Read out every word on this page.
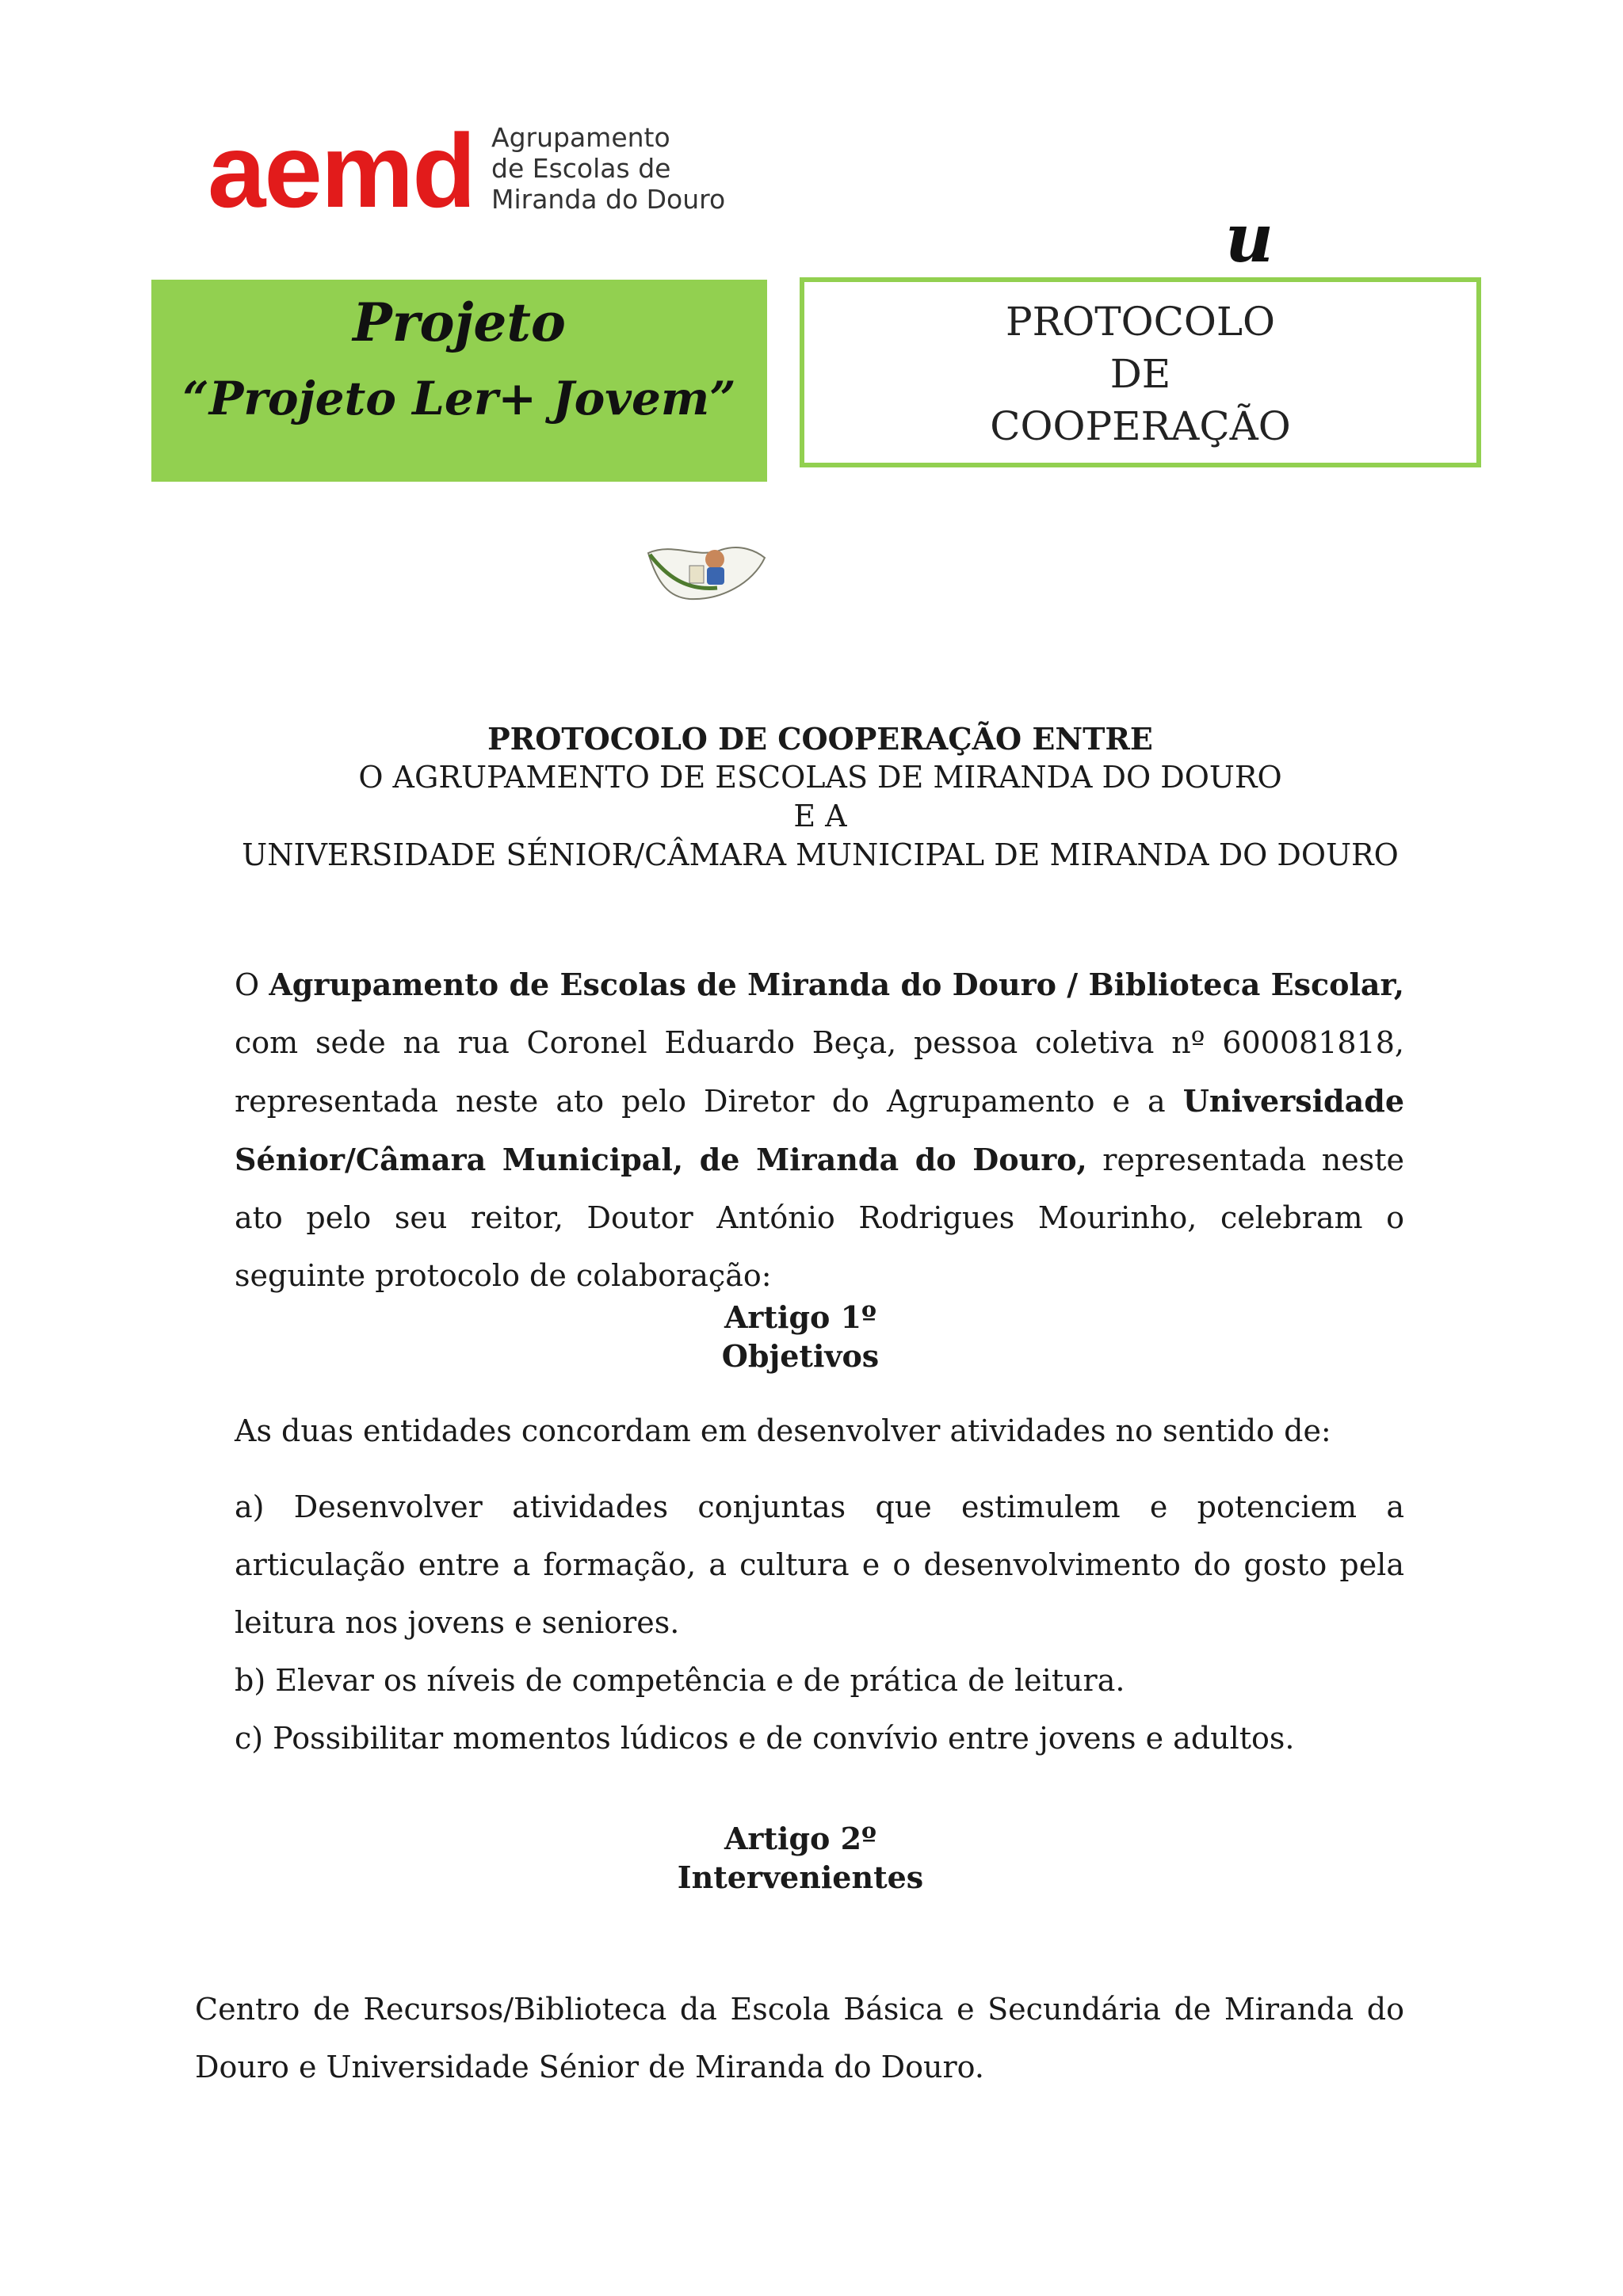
aemd Agrupamento
de Escolas de
Miranda do Douro	u
Projeto
“Projeto Ler+ Jovem”
PROTOCOLO
DE
COOPERAÇÃO
PROTOCOLO DE COOPERAÇÃO ENTRE
O AGRUPAMENTO DE ESCOLAS DE MIRANDA DO DOURO
E A
UNIVERSIDADE SÉNIOR/CÂMARA MUNICIPAL DE MIRANDA DO DOURO
O Agrupamento de Escolas de Miranda do Douro / Biblioteca Escolar, com sede na rua Coronel Eduardo Beça, pessoa coletiva nº 600081818, representada neste ato pelo Diretor do Agrupamento e a Universidade Sénior/Câmara Municipal, de Miranda do Douro, representada neste ato pelo seu reitor, Doutor António Rodrigues Mourinho, celebram o seguinte protocolo de colaboração:
Artigo 1º
Objetivos
As duas entidades concordam em desenvolver atividades no sentido de:
a) Desenvolver atividades conjuntas que estimulem e potenciem a articulação entre a formação, a cultura e o desenvolvimento do gosto pela leitura nos jovens e seniores.
b) Elevar os níveis de competência e de prática de leitura.
c) Possibilitar momentos lúdicos e de convívio entre jovens e adultos.
Artigo 2º
Intervenientes
Centro de Recursos/Biblioteca da Escola Básica e Secundária de Miranda do Douro e Universidade Sénior de Miranda do Douro.
